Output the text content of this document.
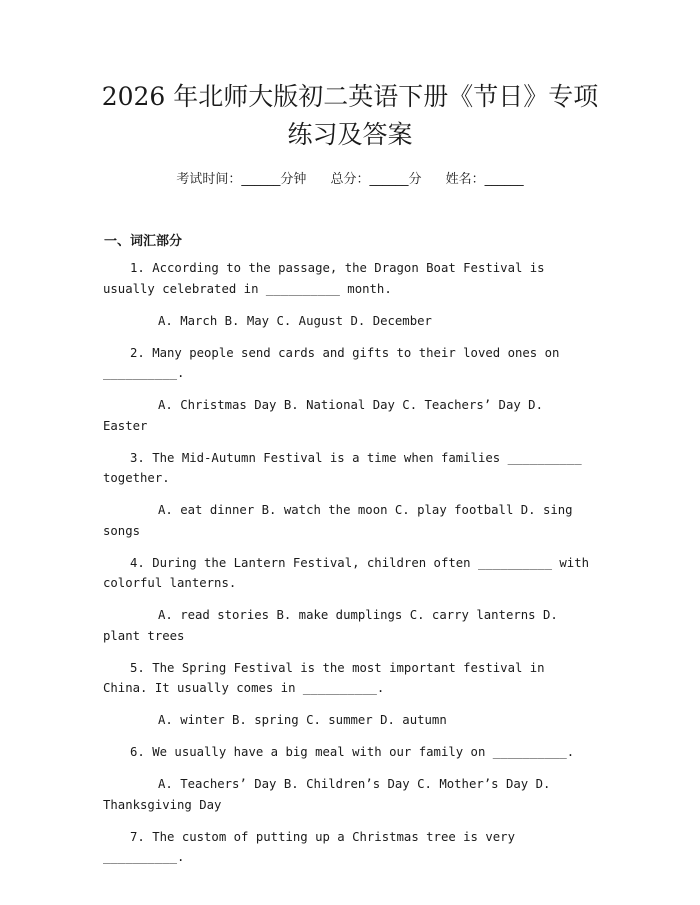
2026 年北师大版初二英语下册《节日》专项
练习及答案
考试时间：______分钟 总分：______分 姓名：______
一、词汇部分

1. According to the passage, the Dragon Boat Festival is usually celebrated in __________ month.

A. March B. May C. August D. December

2. Many people send cards and gifts to their loved ones on __________.

A. Christmas Day B. National Day C. Teachers’ Day D. Easter

3. The Mid-Autumn Festival is a time when families __________ together.

A. eat dinner B. watch the moon C. play football D. sing songs

4. During the Lantern Festival, children often __________ with colorful lanterns.

A. read stories B. make dumplings C. carry lanterns D. plant trees

5. The Spring Festival is the most important festival in China. It usually comes in __________.

A. winter B. spring C. summer D. autumn

6. We usually have a big meal with our family on __________.

A. Teachers’ Day B. Children’s Day C. Mother’s Day D. Thanksgiving Day

7. The custom of putting up a Christmas tree is very __________.
